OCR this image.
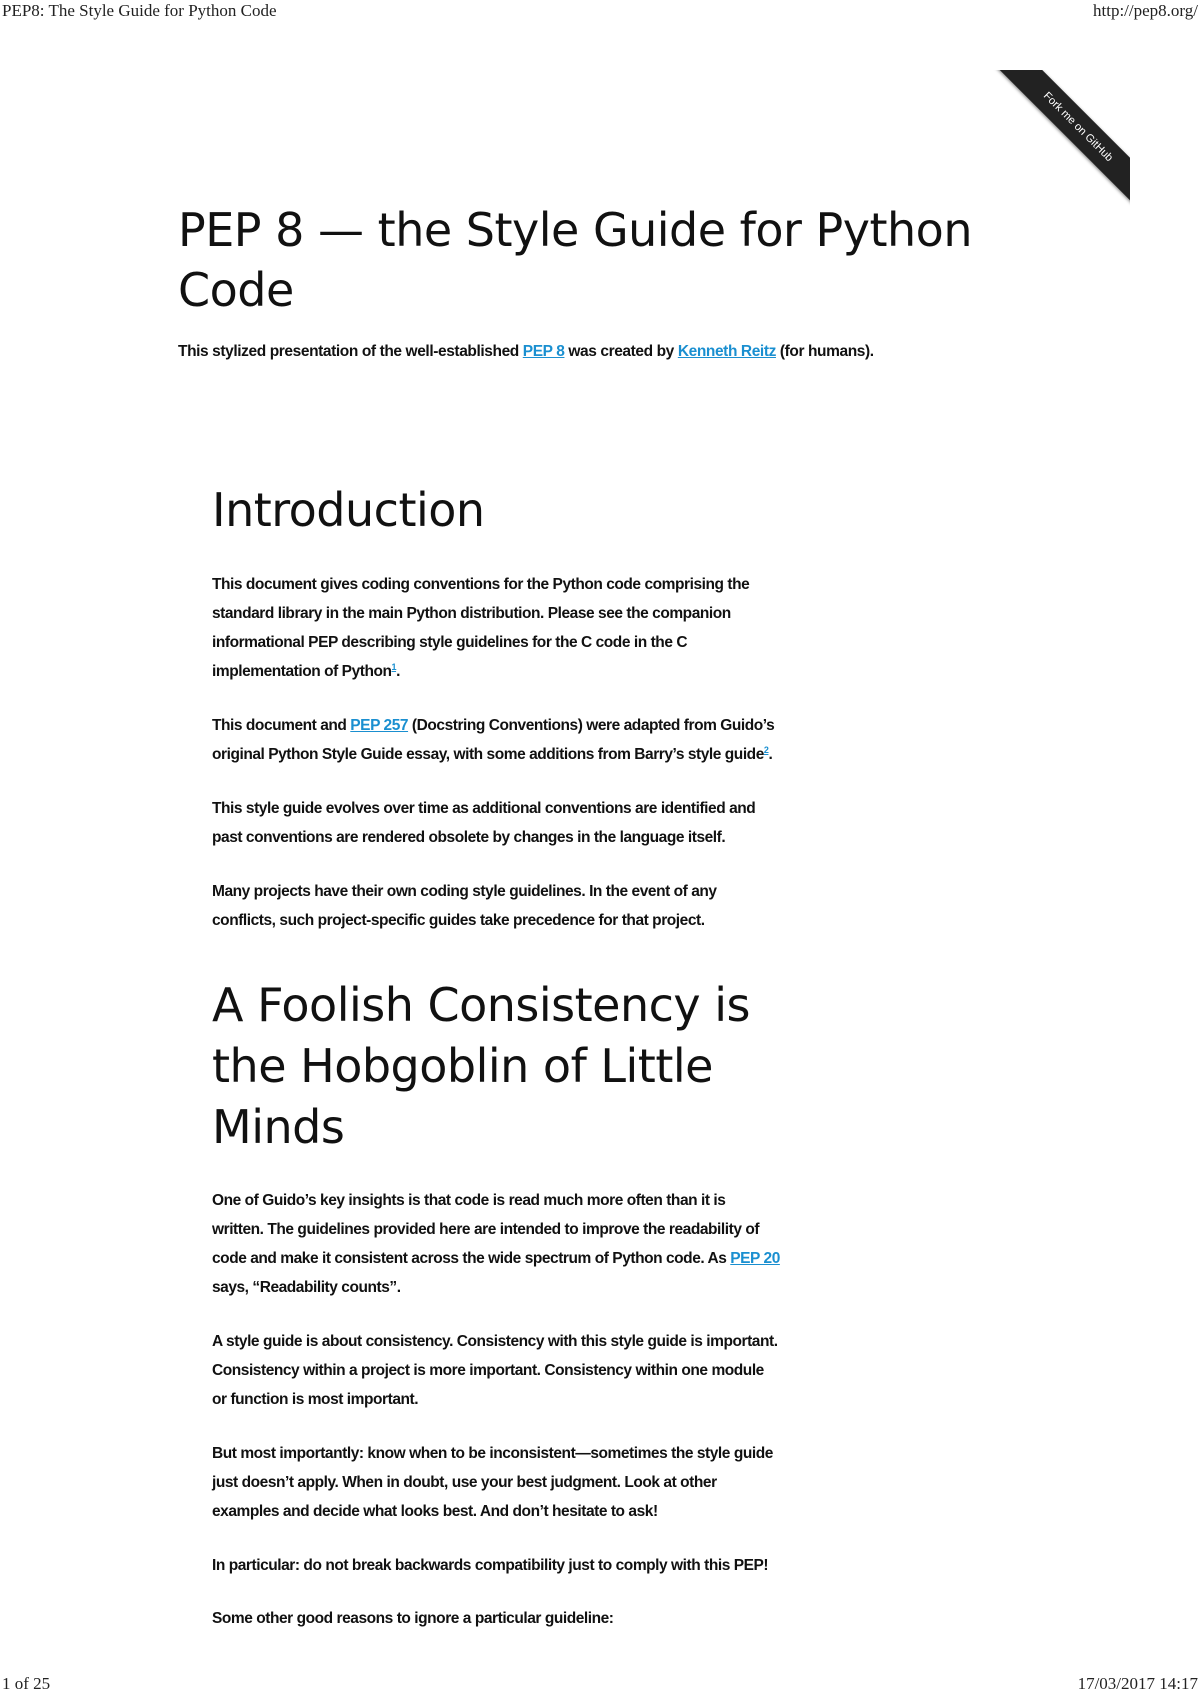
PEP8: The Style Guide for Python Code	http://pep8.org/
Fork me on GitHub
PEP 8 — the Style Guide for Python
Code

This stylized presentation of the well-established PEP 8 was created by Kenneth Reitz (for humans).

Introduction

This document gives coding conventions for the Python code comprising the
standard library in the main Python distribution. Please see the companion
informational PEP describing style guidelines for the C code in the C
implementation of Python$^1$.

This document and PEP 257 (Docstring Conventions) were adapted from Guido’s
original Python Style Guide essay, with some additions from Barry’s style guide$^2$.

This style guide evolves over time as additional conventions are identified and
past conventions are rendered obsolete by changes in the language itself.

Many projects have their own coding style guidelines. In the event of any
conflicts, such project-specific guides take precedence for that project.

A Foolish Consistency is
the Hobgoblin of Little
Minds

One of Guido’s key insights is that code is read much more often than it is
written. The guidelines provided here are intended to improve the readability of
code and make it consistent across the wide spectrum of Python code. As PEP 20
says, “Readability counts”.

A style guide is about consistency. Consistency with this style guide is important.
Consistency within a project is more important. Consistency within one module
or function is most important.

But most importantly: know when to be inconsistent—sometimes the style guide
just doesn’t apply. When in doubt, use your best judgment. Look at other
examples and decide what looks best. And don’t hesitate to ask!

In particular: do not break backwards compatibility just to comply with this PEP!

Some other good reasons to ignore a particular guideline:

1 of 25	17/03/2017 14:17
